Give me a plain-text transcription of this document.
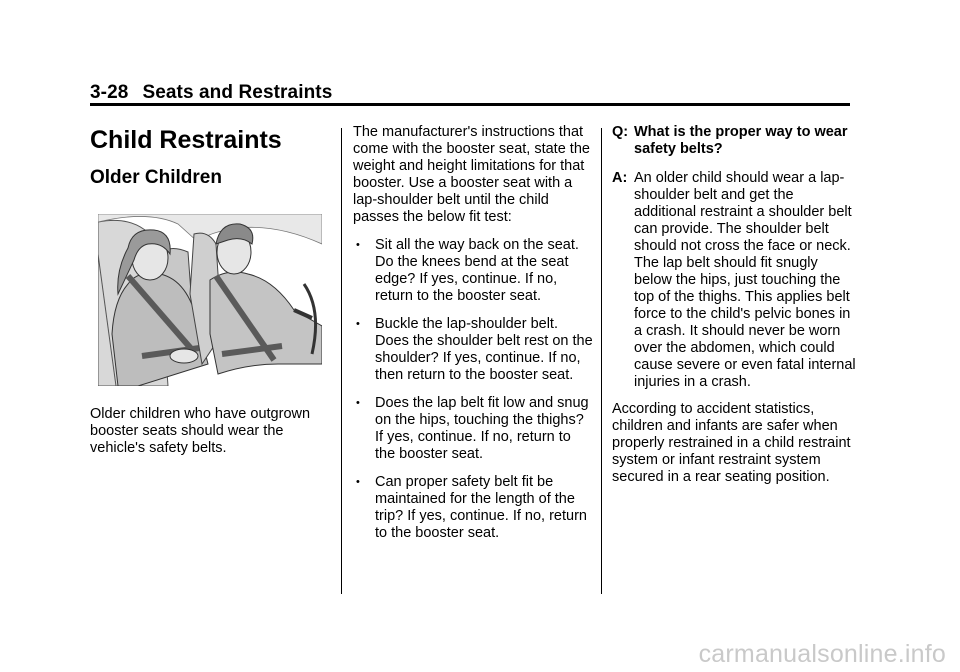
3-28 Seats and Restraints
Child Restraints
Older Children

Older children who have outgrown booster seats should wear the vehicle's safety belts.

The manufacturer's instructions that come with the booster seat, state the weight and height limitations for that booster. Use a booster seat with a lap-shoulder belt until the child passes the below fit test:

• Sit all the way back on the seat. Do the knees bend at the seat edge? If yes, continue. If no, return to the booster seat.
• Buckle the lap-shoulder belt. Does the shoulder belt rest on the shoulder? If yes, continue. If no, then return to the booster seat.
• Does the lap belt fit low and snug on the hips, touching the thighs? If yes, continue. If no, return to the booster seat.
• Can proper safety belt fit be maintained for the length of the trip? If yes, continue. If no, return to the booster seat.
Q: What is the proper way to wear safety belts?
A: An older child should wear a lap-shoulder belt and get the additional restraint a shoulder belt can provide. The shoulder belt should not cross the face or neck. The lap belt should fit snugly below the hips, just touching the top of the thighs. This applies belt force to the child's pelvic bones in a crash. It should never be worn over the abdomen, which could cause severe or even fatal internal injuries in a crash.

According to accident statistics, children and infants are safer when properly restrained in a child restraint system or infant restraint system secured in a rear seating position.

carmanualsonline.info
